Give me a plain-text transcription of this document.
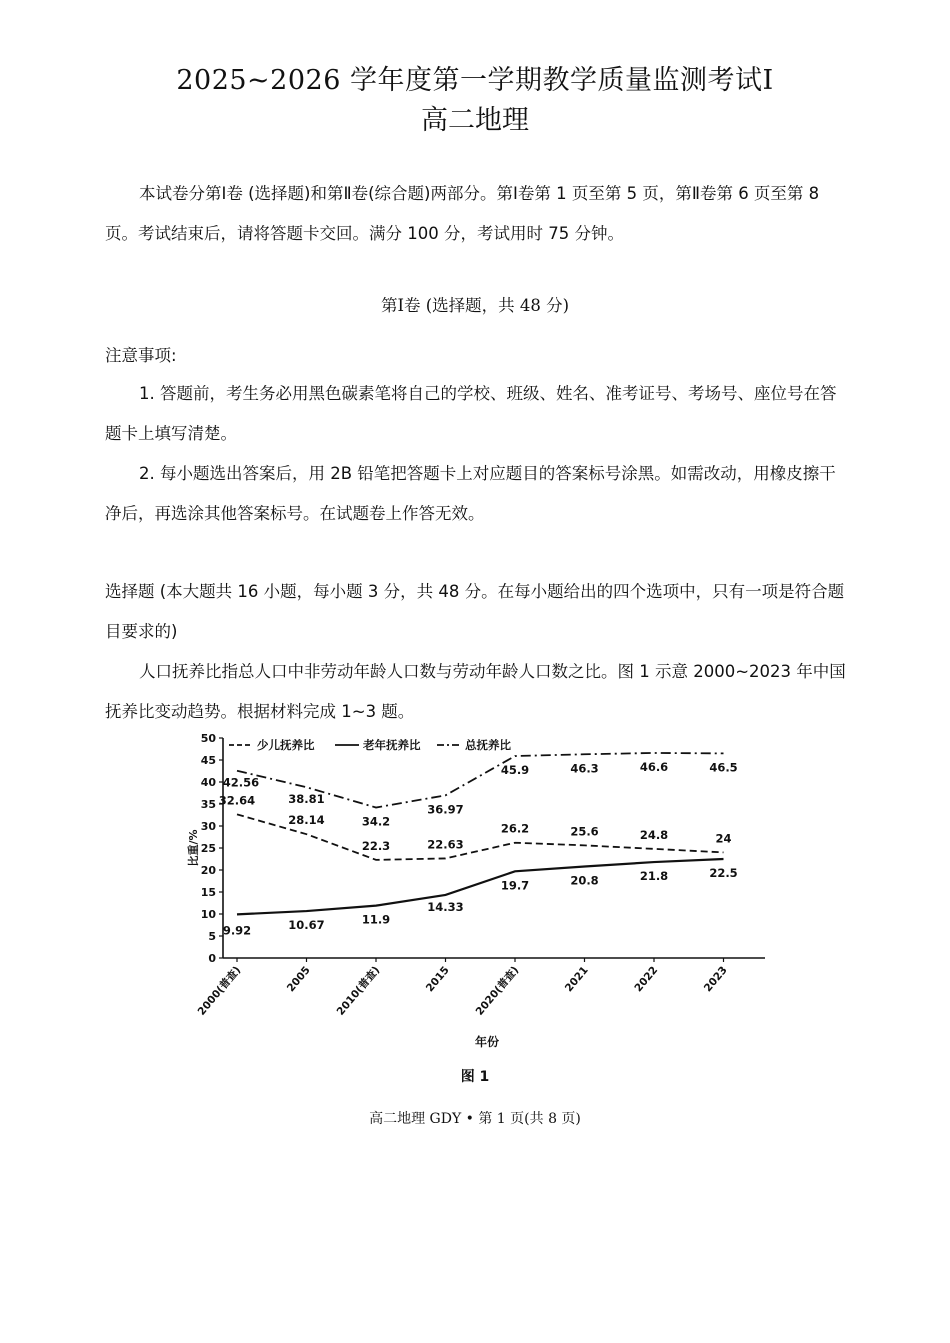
2025~2026 学年度第一学期教学质量监测考试Ⅰ
高二地理
本试卷分第Ⅰ卷 (选择题)和第Ⅱ卷(综合题)两部分。第Ⅰ卷第 1 页至第 5 页，第Ⅱ卷第 6 页至第 8 页。考试结束后，请将答题卡交回。满分 100 分，考试用时 75 分钟。
第Ⅰ卷 (选择题，共 48 分)
注意事项:
1. 答题前，考生务必用黑色碳素笔将自己的学校、班级、姓名、准考证号、考场号、座位号在答题卡上填写清楚。
2. 每小题选出答案后，用 2B 铅笔把答题卡上对应题目的答案标号涂黑。如需改动，用橡皮擦干净后，再选涂其他答案标号。在试题卷上作答无效。
选择题 (本大题共 16 小题，每小题 3 分，共 48 分。在每小题给出的四个选项中，只有一项是符合题目要求的)
人口抚养比指总人口中非劳动年龄人口数与劳动年龄人口数之比。图 1 示意 2000~2023 年中国抚养比变动趋势。根据材料完成 1~3 题。
0
5
10
15
20
25
30
35
40
45
50
2000(普查)	2005 2010(普查)	2015 2020(普查)	2021	2022	2023
比重/%
年份
32.64
28.14
22.3	22.63
26.2	25.6	24.8	24
9.92	10.67	11.9
14.33
19.7	20.8	21.8	22.5
42.56
38.81
34.2
36.97
45.9	46.3	46.6	46.5
少儿抚养比	老年抚养比	总抚养比
图 1
高二地理 GDY • 第 1 页(共 8 页)
